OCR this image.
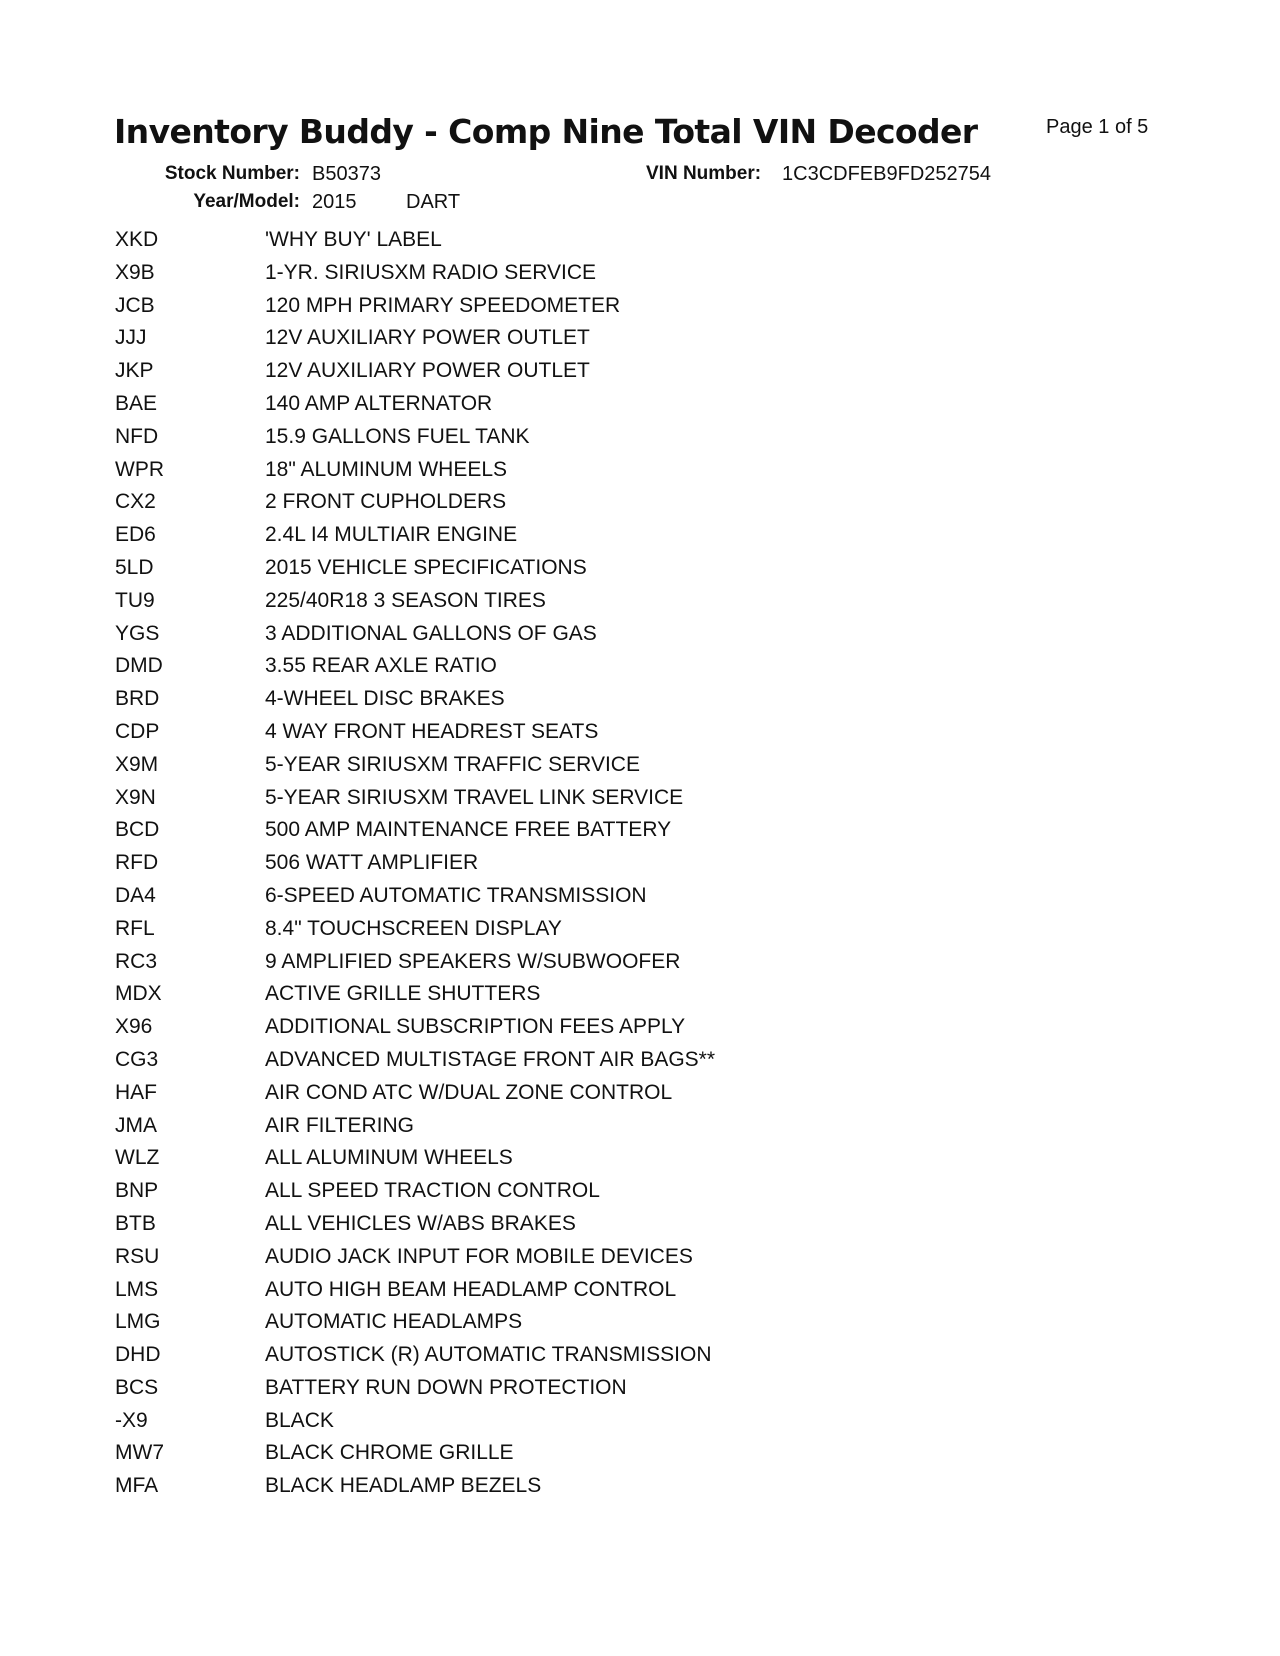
Inventory Buddy - Comp Nine Total VIN Decoder	Page 1 of 5
Stock Number: B50373
Year/Model: 2015 DART
VIN Number: 1C3CDFEB9FD252754
XKD	'WHY BUY' LABEL
X9B	1-YR. SIRIUSXM RADIO SERVICE
JCB	120 MPH PRIMARY SPEEDOMETER
JJJ	12V AUXILIARY POWER OUTLET
JKP	12V AUXILIARY POWER OUTLET
BAE	140 AMP ALTERNATOR
NFD	15.9 GALLONS FUEL TANK
WPR	18" ALUMINUM WHEELS
CX2	2 FRONT CUPHOLDERS
ED6	2.4L I4 MULTIAIR ENGINE
5LD	2015 VEHICLE SPECIFICATIONS
TU9	225/40R18 3 SEASON TIRES
YGS	3 ADDITIONAL GALLONS OF GAS
DMD	3.55 REAR AXLE RATIO
BRD	4-WHEEL DISC BRAKES
CDP	4 WAY FRONT HEADREST SEATS
X9M	5-YEAR SIRIUSXM TRAFFIC SERVICE
X9N	5-YEAR SIRIUSXM TRAVEL LINK SERVICE
BCD	500 AMP MAINTENANCE FREE BATTERY
RFD	506 WATT AMPLIFIER
DA4	6-SPEED AUTOMATIC TRANSMISSION
RFL	8.4" TOUCHSCREEN DISPLAY
RC3	9 AMPLIFIED SPEAKERS W/SUBWOOFER
MDX	ACTIVE GRILLE SHUTTERS
X96	ADDITIONAL SUBSCRIPTION FEES APPLY
CG3	ADVANCED MULTISTAGE FRONT AIR BAGS**
HAF	AIR COND ATC W/DUAL ZONE CONTROL
JMA	AIR FILTERING
WLZ	ALL ALUMINUM WHEELS
BNP	ALL SPEED TRACTION CONTROL
BTB	ALL VEHICLES W/ABS BRAKES
RSU	AUDIO JACK INPUT FOR MOBILE DEVICES
LMS	AUTO HIGH BEAM HEADLAMP CONTROL
LMG	AUTOMATIC HEADLAMPS
DHD	AUTOSTICK (R) AUTOMATIC TRANSMISSION
BCS	BATTERY RUN DOWN PROTECTION
-X9	BLACK
MW7	BLACK CHROME GRILLE
MFA	BLACK HEADLAMP BEZELS
